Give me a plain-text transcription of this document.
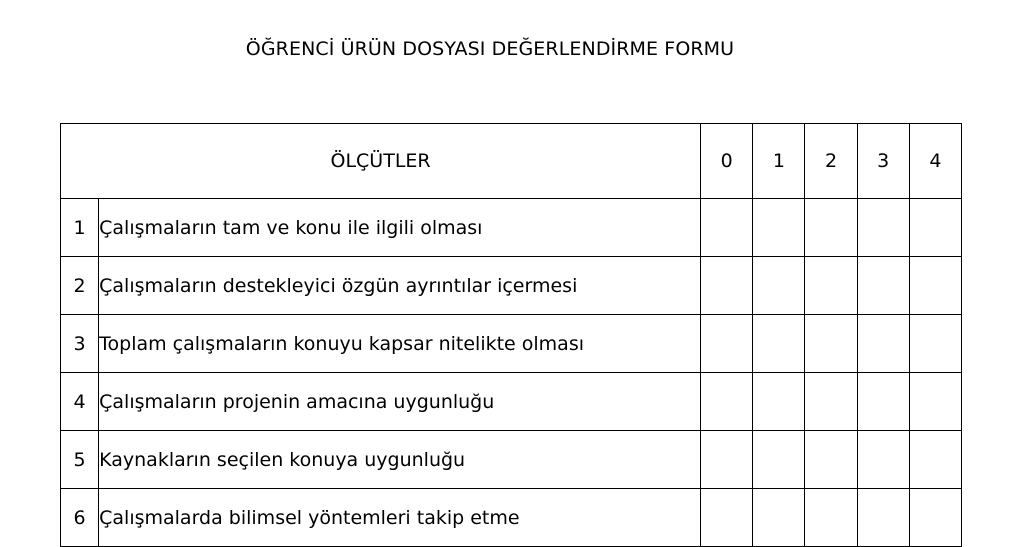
ÖĞRENCİ ÜRÜN DOSYASI DEĞERLENDİRME FORMU
ÖLÇÜTLER		0	1	2	3	4
1	Çalışmaların tam ve konu ile ilgili olması					
2	Çalışmaların destekleyici özgün ayrıntılar içermesi					
3	Toplam çalışmaların konuyu kapsar nitelikte olması					
4	Çalışmaların projenin amacına uygunluğu					
5	Kaynakların seçilen konuya uygunluğu					
6	Çalışmalarda bilimsel yöntemleri takip etme					
